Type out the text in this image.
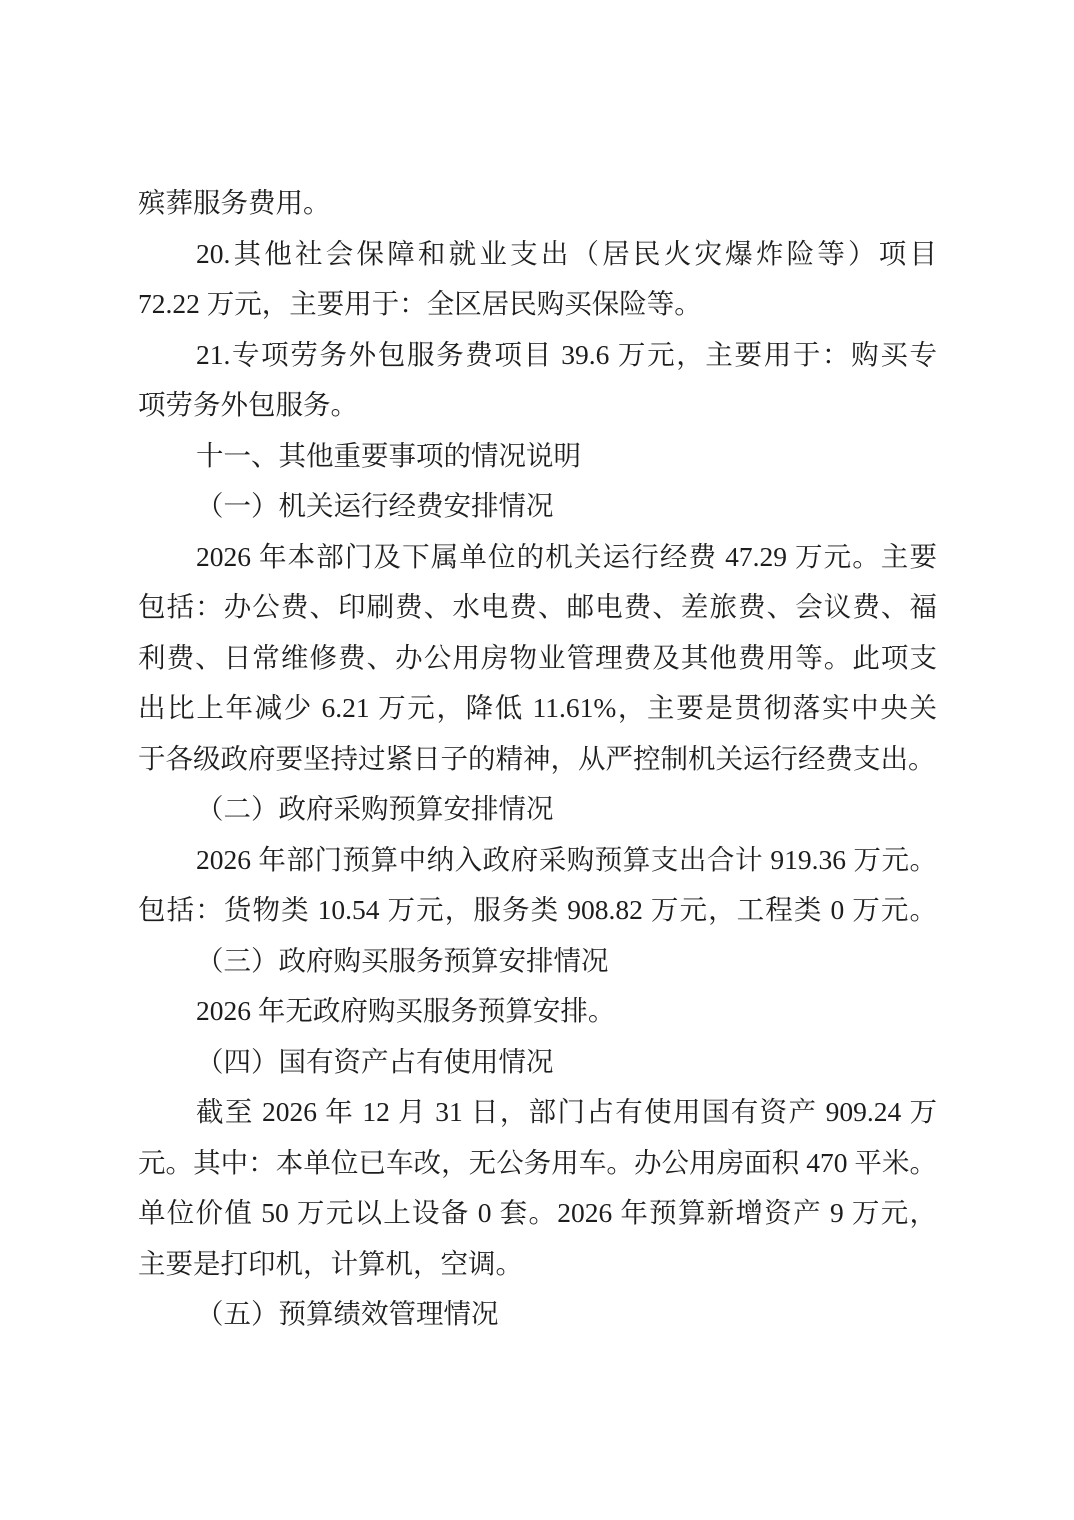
殡葬服务费用。
20.其他社会保障和就业支出（居民火灾爆炸险等）项目
72.22 万元，主要用于：全区居民购买保险等。
21.专项劳务外包服务费项目 39.6 万元，主要用于：购买专
项劳务外包服务。
十一、其他重要事项的情况说明
（一）机关运行经费安排情况
2026 年本部门及下属单位的机关运行经费 47.29 万元。主要
包括：办公费、印刷费、水电费、邮电费、差旅费、会议费、福
利费、日常维修费、办公用房物业管理费及其他费用等。此项支
出比上年减少 6.21 万元，降低 11.61%，主要是贯彻落实中央关
于各级政府要坚持过紧日子的精神，从严控制机关运行经费支出。
（二）政府采购预算安排情况
2026 年部门预算中纳入政府采购预算支出合计 919.36 万元。
包括：货物类 10.54 万元，服务类 908.82 万元，工程类 0 万元。
（三）政府购买服务预算安排情况
2026 年无政府购买服务预算安排。
（四）国有资产占有使用情况
截至 2026 年 12 月 31 日，部门占有使用国有资产 909.24 万
元。其中：本单位已车改，无公务用车。办公用房面积 470 平米。
单位价值 50 万元以上设备 0 套。2026 年预算新增资产 9 万元，
主要是打印机，计算机，空调。
（五）预算绩效管理情况
